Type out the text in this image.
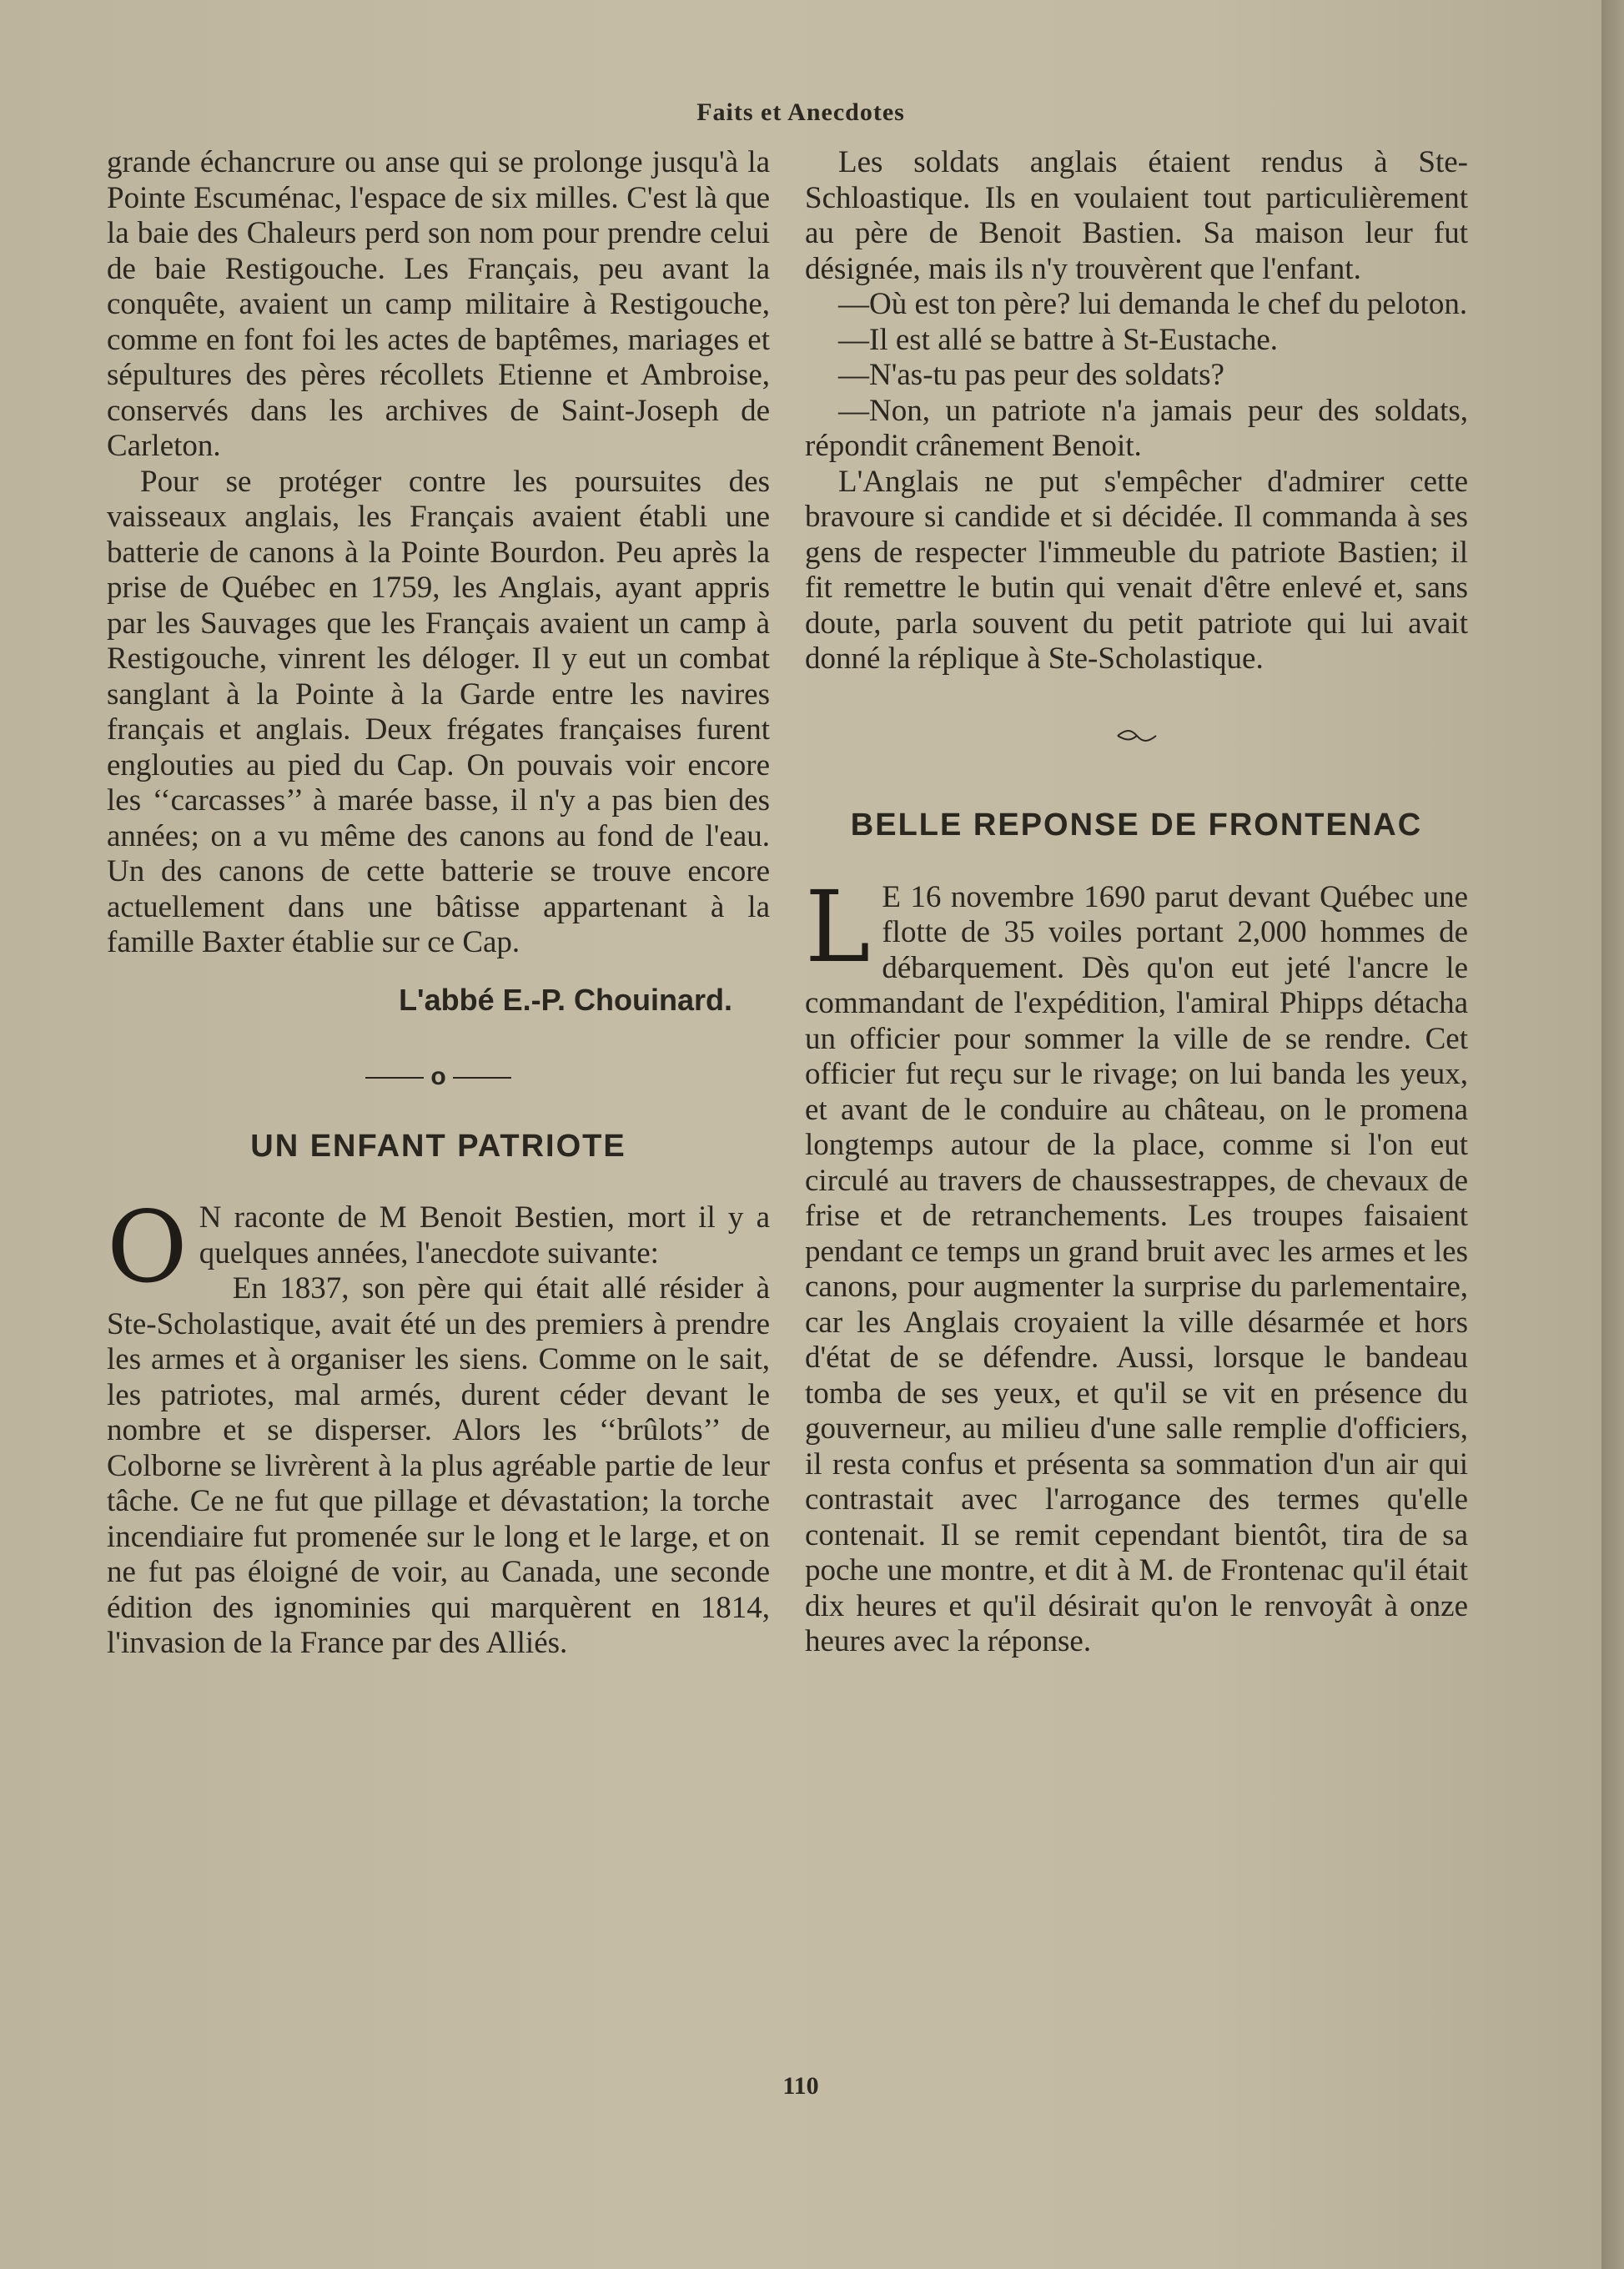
Faits et Anecdotes

grande échancrure ou anse qui se prolonge jusqu'à la Pointe Escuménac, l'espace de six milles. C'est là que la baie des Chaleurs perd son nom pour prendre celui de baie Restigouche. Les Français, peu avant la conquête, avaient un camp militaire à Restigouche, comme en font foi les actes de baptêmes, mariages et sépultures des pères récollets Etienne et Ambroise, conservés dans les archives de Saint-Joseph de Carleton.

Pour se protéger contre les poursuites des vaisseaux anglais, les Français avaient établi une batterie de canons à la Pointe Bourdon. Peu après la prise de Québec en 1759, les Anglais, ayant appris par les Sauvages que les Français avaient un camp à Restigouche, vinrent les déloger. Il y eut un combat sanglant à la Pointe à la Garde entre les navires français et anglais. Deux frégates françaises furent englouties au pied du Cap. On pouvais voir encore les ‘‘carcasses’’ à marée basse, il n'y a pas bien des années; on a vu même des canons au fond de l'eau. Un des canons de cette batterie se trouve encore actuellement dans une bâtisse appartenant à la famille Baxter établie sur ce Cap.

L'abbé E.-P. Chouinard.
o
UN ENFANT PATRIOTE

O N raconte de M Benoit Bestien, mort il y a quelques années, l'anecdote suivante:

En 1837, son père qui était allé résider à Ste-Scholastique, avait été un des premiers à prendre les armes et à organiser les siens. Comme on le sait, les patriotes, mal armés, durent céder devant le nombre et se disperser. Alors les ‘‘brûlots’’ de Colborne se livrèrent à la plus agréable partie de leur tâche. Ce ne fut que pillage et dévastation; la torche incendiaire fut promenée sur le long et le large, et on ne fut pas éloigné de voir, au Canada, une seconde édition des ignominies qui marquèrent en 1814, l'invasion de la France par des Alliés.

Les soldats anglais étaient rendus à Ste-Schloastique. Ils en voulaient tout particulièrement au père de Benoit Bastien. Sa maison leur fut désignée, mais ils n'y trouvèrent que l'enfant.

—Où est ton père? lui demanda le chef du peloton.

—Il est allé se battre à St-Eustache.

—N'as-tu pas peur des soldats?

—Non, un patriote n'a jamais peur des soldats, répondit crânement Benoit.

L'Anglais ne put s'empêcher d'admirer cette bravoure si candide et si décidée. Il commanda à ses gens de respecter l'immeuble du patriote Bastien; il fit remettre le butin qui venait d'être enlevé et, sans doute, parla souvent du petit patriote qui lui avait donné la réplique à Ste-Scholastique.

BELLE REPONSE DE FRONTENAC

L E 16 novembre 1690 parut devant Québec une flotte de 35 voiles portant 2,000 hommes de débarquement. Dès qu'on eut jeté l'ancre le commandant de l'expédition, l'amiral Phipps détacha un officier pour sommer la ville de se rendre. Cet officier fut reçu sur le rivage; on lui banda les yeux, et avant de le conduire au château, on le promena longtemps autour de la place, comme si l'on eut circulé au travers de chaussestrappes, de chevaux de frise et de retranchements. Les troupes faisaient pendant ce temps un grand bruit avec les armes et les canons, pour augmenter la surprise du parlementaire, car les Anglais croyaient la ville désarmée et hors d'état de se défendre. Aussi, lorsque le bandeau tomba de ses yeux, et qu'il se vit en présence du gouverneur, au milieu d'une salle remplie d'officiers, il resta confus et présenta sa sommation d'un air qui contrastait avec l'arrogance des termes qu'elle contenait. Il se remit cependant bientôt, tira de sa poche une montre, et dit à M. de Frontenac qu'il était dix heures et qu'il désirait qu'on le renvoyât à onze heures avec la réponse.

110
